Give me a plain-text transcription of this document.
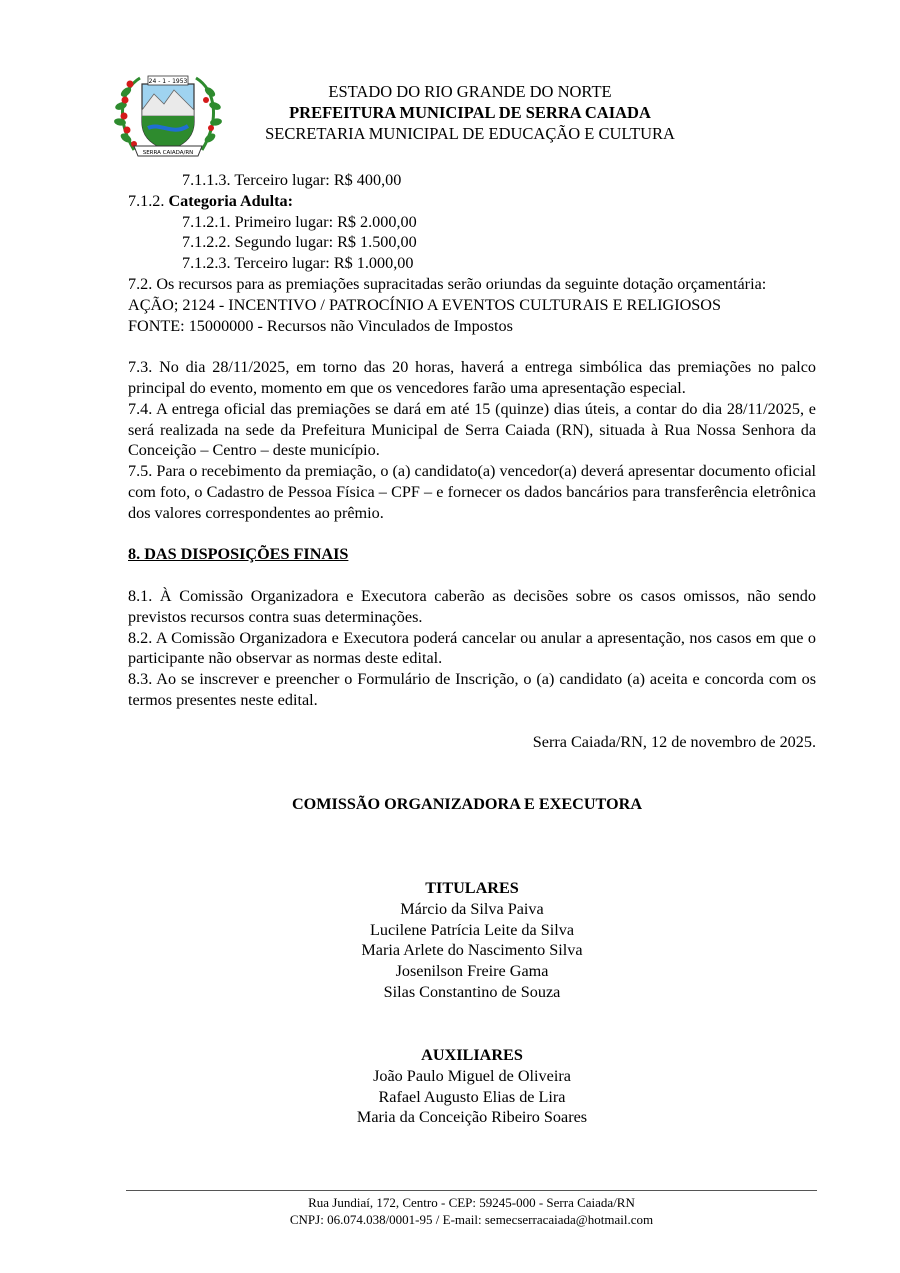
24 - 1 - 1953
SERRA CAIADA/RN
ESTADO DO RIO GRANDE DO NORTE
PREFEITURA MUNICIPAL DE SERRA CAIADA
SECRETARIA MUNICIPAL DE EDUCAÇÃO E CULTURA
7.1.1.3. Terceiro lugar: R$ 400,00
7.1.2. Categoria Adulta:
7.1.2.1. Primeiro lugar: R$ 2.000,00
7.1.2.2. Segundo lugar: R$ 1.500,00
7.1.2.3. Terceiro lugar: R$ 1.000,00
7.2. Os recursos para as premiações supracitadas serão oriundas da seguinte dotação orçamentária:
AÇÃO; 2124 - INCENTIVO / PATROCÍNIO A EVENTOS CULTURAIS E RELIGIOSOS
FONTE: 15000000 - Recursos não Vinculados de Impostos
7.3. No dia 28/11/2025, em torno das 20 horas, haverá a entrega simbólica das premiações no palco principal do evento, momento em que os vencedores farão uma apresentação especial.
7.4. A entrega oficial das premiações se dará em até 15 (quinze) dias úteis, a contar do dia 28/11/2025, e será realizada na sede da Prefeitura Municipal de Serra Caiada (RN), situada à Rua Nossa Senhora da Conceição – Centro – deste município.
7.5. Para o recebimento da premiação, o (a) candidato(a) vencedor(a) deverá apresentar documento oficial com foto, o Cadastro de Pessoa Física – CPF – e fornecer os dados bancários para transferência eletrônica dos valores correspondentes ao prêmio.
8. DAS DISPOSIÇÕES FINAIS
8.1. À Comissão Organizadora e Executora caberão as decisões sobre os casos omissos, não sendo previstos recursos contra suas determinações.
8.2. A Comissão Organizadora e Executora poderá cancelar ou anular a apresentação, nos casos em que o participante não observar as normas deste edital.
8.3. Ao se inscrever e preencher o Formulário de Inscrição, o (a) candidato (a) aceita e concorda com os termos presentes neste edital.
Serra Caiada/RN, 12 de novembro de 2025.
COMISSÃO ORGANIZADORA E EXECUTORA
TITULARES
Márcio da Silva Paiva
Lucilene Patrícia Leite da Silva
Maria Arlete do Nascimento Silva
Josenilson Freire Gama
Silas Constantino de Souza
AUXILIARES
João Paulo Miguel de Oliveira
Rafael Augusto Elias de Lira
Maria da Conceição Ribeiro Soares
Rua Jundiaí, 172, Centro - CEP: 59245-000 - Serra Caiada/RN
CNPJ: 06.074.038/0001-95 / E-mail: semecserracaiada@hotmail.com
